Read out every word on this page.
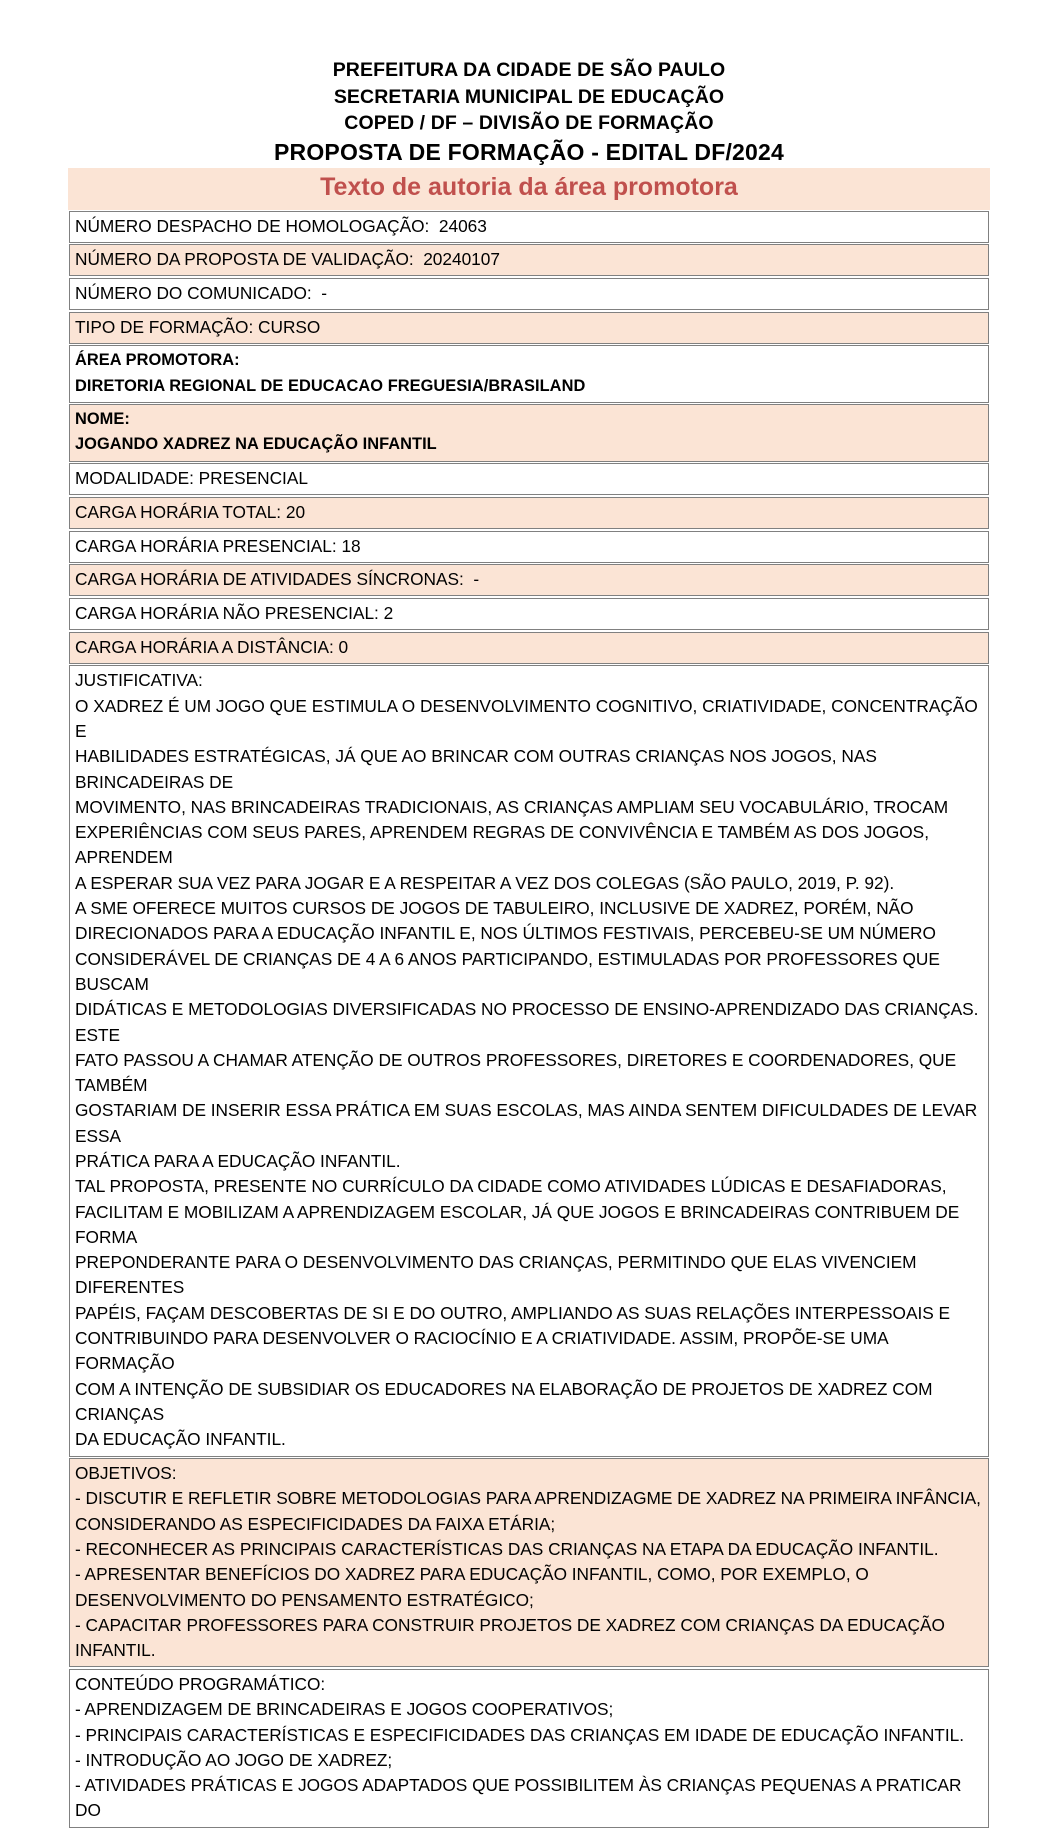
PREFEITURA DA CIDADE DE SÃO PAULO
SECRETARIA MUNICIPAL DE EDUCAÇÃO
COPED / DF – DIVISÃO DE FORMAÇÃO
PROPOSTA DE FORMAÇÃO - EDITAL DF/2024
Texto de autoria da área promotora
NÚMERO DESPACHO DE HOMOLOGAÇÃO:  24063
NÚMERO DA PROPOSTA DE VALIDAÇÃO:  20240107
NÚMERO DO COMUNICADO:  -
TIPO DE FORMAÇÃO: CURSO
ÁREA PROMOTORA:
DIRETORIA REGIONAL DE EDUCACAO FREGUESIA/BRASILAND
NOME:
JOGANDO XADREZ NA EDUCAÇÃO INFANTIL
MODALIDADE: PRESENCIAL
CARGA HORÁRIA TOTAL: 20
CARGA HORÁRIA PRESENCIAL: 18
CARGA HORÁRIA DE ATIVIDADES SÍNCRONAS:  -
CARGA HORÁRIA NÃO PRESENCIAL: 2
CARGA HORÁRIA A DISTÂNCIA: 0
JUSTIFICATIVA:
O XADREZ É UM JOGO QUE ESTIMULA O DESENVOLVIMENTO COGNITIVO, CRIATIVIDADE, CONCENTRAÇÃO E
HABILIDADES ESTRATÉGICAS, JÁ QUE AO BRINCAR COM OUTRAS CRIANÇAS NOS JOGOS, NAS BRINCADEIRAS DE
MOVIMENTO, NAS BRINCADEIRAS TRADICIONAIS, AS CRIANÇAS AMPLIAM SEU VOCABULÁRIO, TROCAM
EXPERIÊNCIAS COM SEUS PARES, APRENDEM REGRAS DE CONVIVÊNCIA E TAMBÉM AS DOS JOGOS, APRENDEM
A ESPERAR SUA VEZ PARA JOGAR E A RESPEITAR A VEZ DOS COLEGAS (SÃO PAULO, 2019, P. 92).
A SME OFERECE MUITOS CURSOS DE JOGOS DE TABULEIRO, INCLUSIVE DE XADREZ, PORÉM, NÃO
DIRECIONADOS PARA A EDUCAÇÃO INFANTIL E, NOS ÚLTIMOS FESTIVAIS, PERCEBEU-SE UM NÚMERO
CONSIDERÁVEL DE CRIANÇAS DE 4 A 6 ANOS PARTICIPANDO, ESTIMULADAS POR PROFESSORES QUE BUSCAM
DIDÁTICAS E METODOLOGIAS DIVERSIFICADAS NO PROCESSO DE ENSINO-APRENDIZADO DAS CRIANÇAS. ESTE
FATO PASSOU A CHAMAR ATENÇÃO DE OUTROS PROFESSORES, DIRETORES E COORDENADORES, QUE TAMBÉM
GOSTARIAM DE INSERIR ESSA PRÁTICA EM SUAS ESCOLAS, MAS AINDA SENTEM DIFICULDADES DE LEVAR ESSA
PRÁTICA PARA A EDUCAÇÃO INFANTIL.
TAL PROPOSTA, PRESENTE NO CURRÍCULO DA CIDADE COMO ATIVIDADES LÚDICAS E DESAFIADORAS,
FACILITAM E MOBILIZAM A APRENDIZAGEM ESCOLAR, JÁ QUE JOGOS E BRINCADEIRAS CONTRIBUEM DE FORMA
PREPONDERANTE PARA O DESENVOLVIMENTO DAS CRIANÇAS, PERMITINDO QUE ELAS VIVENCIEM DIFERENTES
PAPÉIS, FAÇAM DESCOBERTAS DE SI E DO OUTRO, AMPLIANDO AS SUAS RELAÇÕES INTERPESSOAIS E
CONTRIBUINDO PARA DESENVOLVER O RACIOCÍNIO E A CRIATIVIDADE. ASSIM, PROPÕE-SE UMA FORMAÇÃO
COM A INTENÇÃO DE SUBSIDIAR OS EDUCADORES NA ELABORAÇÃO DE PROJETOS DE XADREZ COM CRIANÇAS
DA EDUCAÇÃO INFANTIL.
OBJETIVOS:
- DISCUTIR E REFLETIR SOBRE METODOLOGIAS PARA APRENDIZAGME DE XADREZ NA PRIMEIRA INFÂNCIA,
CONSIDERANDO AS ESPECIFICIDADES DA FAIXA ETÁRIA;
- RECONHECER AS PRINCIPAIS CARACTERÍSTICAS DAS CRIANÇAS NA ETAPA DA EDUCAÇÃO INFANTIL.
- APRESENTAR BENEFÍCIOS DO XADREZ PARA EDUCAÇÃO INFANTIL, COMO, POR EXEMPLO, O
DESENVOLVIMENTO DO PENSAMENTO ESTRATÉGICO;
- CAPACITAR PROFESSORES PARA CONSTRUIR PROJETOS DE XADREZ COM CRIANÇAS DA EDUCAÇÃO INFANTIL.
CONTEÚDO PROGRAMÁTICO:
- APRENDIZAGEM DE BRINCADEIRAS E JOGOS COOPERATIVOS;
- PRINCIPAIS CARACTERÍSTICAS E ESPECIFICIDADES DAS CRIANÇAS EM IDADE DE EDUCAÇÃO INFANTIL.
- INTRODUÇÃO AO JOGO DE XADREZ;
- ATIVIDADES PRÁTICAS E JOGOS ADAPTADOS QUE POSSIBILITEM ÀS CRIANÇAS PEQUENAS A PRATICAR DO
